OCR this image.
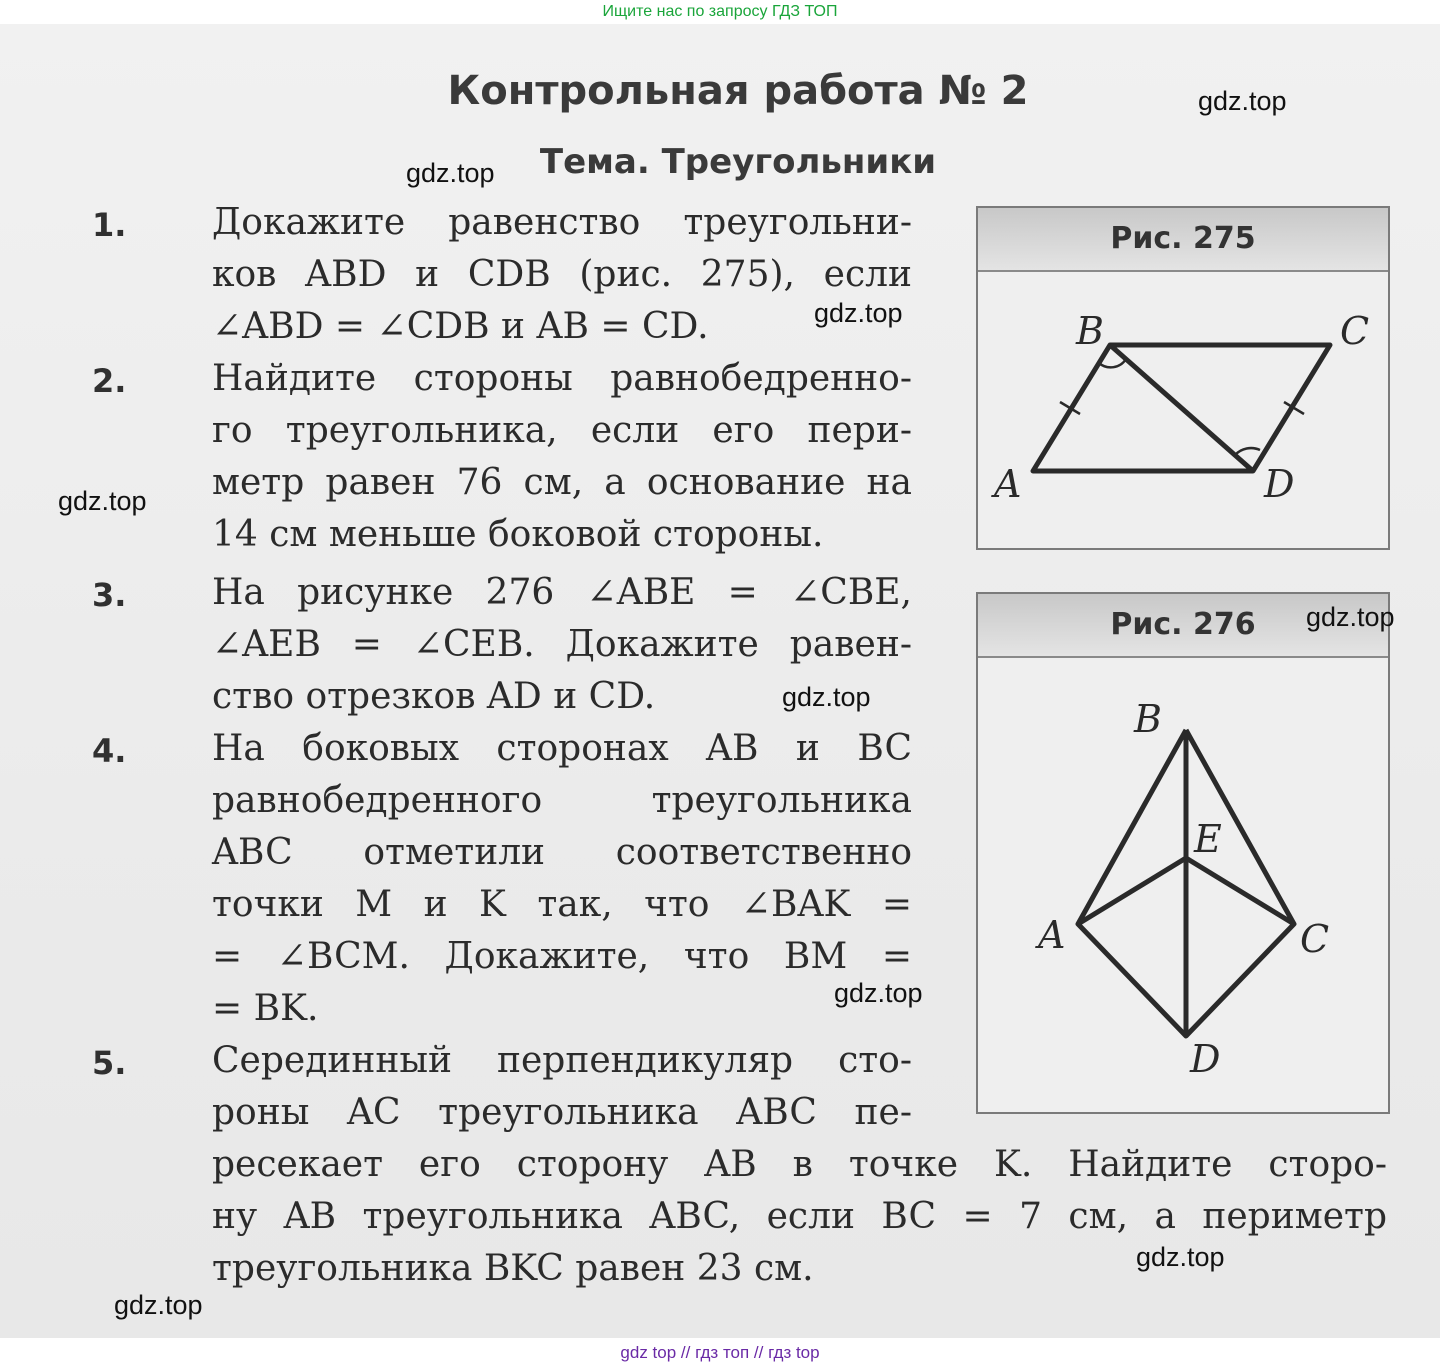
Ищите нас по запросу ГДЗ ТОП
Контрольная работа № 2
Тема. Треугольники
1. Докажите равенство треугольни-
ков ABD и CDB (рис. 275), если
∠ABD = ∠CDB и AB = CD.
2. Найдите стороны равнобедренно-
го треугольника, если его пери-
метр равен 76 см, а основание на
14 см меньше боковой стороны.
3. На рисунке 276 ∠ABE = ∠CBE,
∠AEB = ∠CEB. Докажите равен-
ство отрезков AD и CD.
4. На боковых сторонах AB и BC
равнобедренного треугольника
ABC отметили соответственно
точки M и K так, что ∠BAK =
= ∠BCM. Докажите, что BM =
= BK.
5. Серединный перпендикуляр сто-
роны AC треугольника ABC пе-
ресекает его сторону AB в точке K. Найдите сторо-
ну AB треугольника ABC, если BC = 7 см, а периметр
треугольника BKC равен 23 см.
Рис. 275
A
B	C
D
Рис. 276
A
B
C
D
E
gdz.top
gdz.top
gdz.top
gdz.top
gdz.top
gdz.top
gdz.top
gdz.top
gdz.top
gdz top // гдз топ // гдз top
